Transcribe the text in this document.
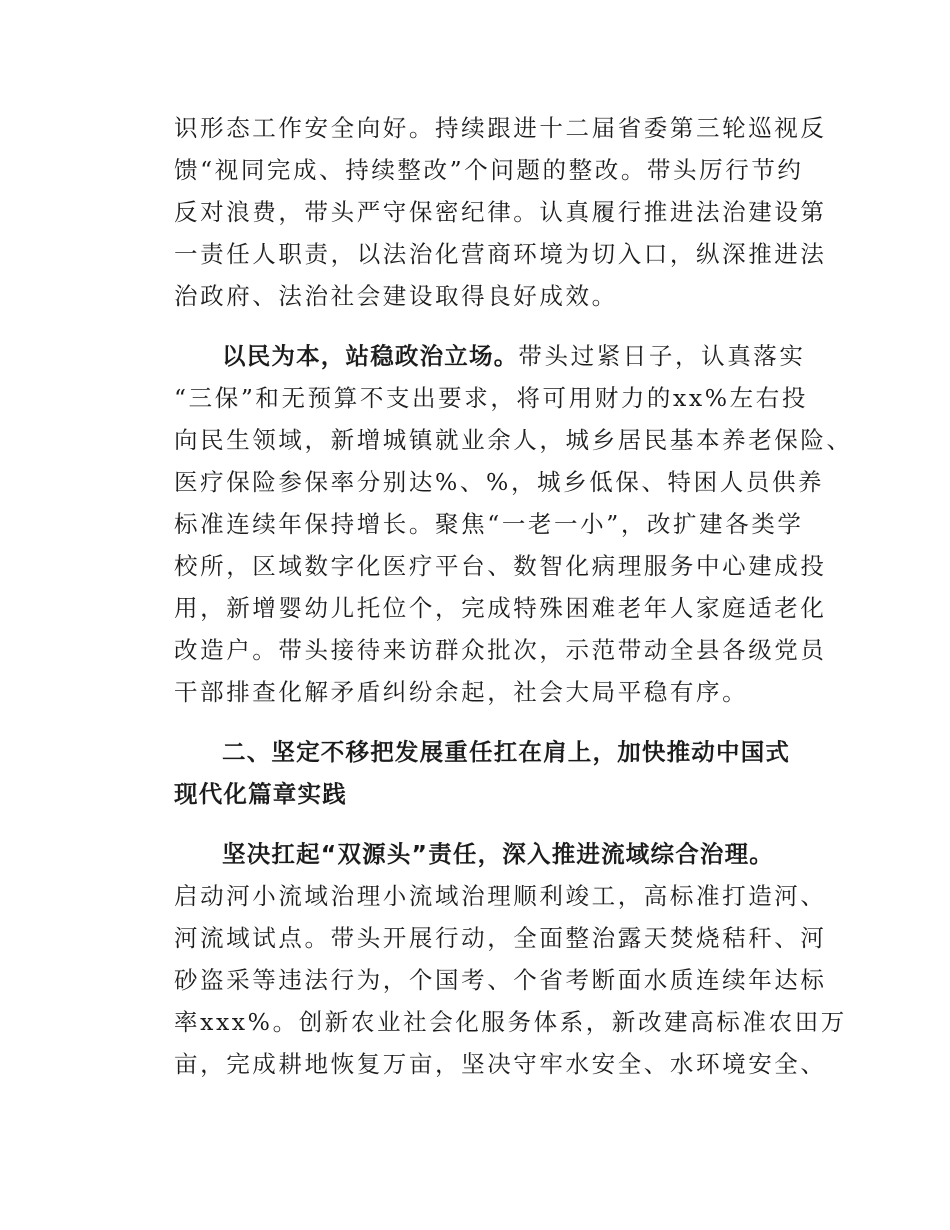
识形态工作安全向好。持续跟进十二届省委第三轮巡视反
馈“视同完成、持续整改”个问题的整改。带头厉行节约
反对浪费，带头严守保密纪律。认真履行推进法治建设第
一责任人职责，以法治化营商环境为切入口，纵深推进法
治政府、法治社会建设取得良好成效。
以民为本，站稳政治立场。带头过紧日子，认真落实
“三保”和无预算不支出要求，将可用财力的xx%左右投
向民生领域，新增城镇就业余人，城乡居民基本养老保险、
医疗保险参保率分别达%、%，城乡低保、特困人员供养
标准连续年保持增长。聚焦“一老一小”，改扩建各类学
校所，区域数字化医疗平台、数智化病理服务中心建成投
用，新增婴幼儿托位个，完成特殊困难老年人家庭适老化
改造户。带头接待来访群众批次，示范带动全县各级党员
干部排查化解矛盾纠纷余起，社会大局平稳有序。
二、坚定不移把发展重任扛在肩上，加快推动中国式
现代化篇章实践
坚决扛起“双源头”责任，深入推进流域综合治理。
启动河小流域治理小流域治理顺利竣工，高标准打造河、
河流域试点。带头开展行动，全面整治露天焚烧秸秆、河
砂盗采等违法行为，个国考、个省考断面水质连续年达标
率xxx%。创新农业社会化服务体系，新改建高标准农田万
亩，完成耕地恢复万亩，坚决守牢水安全、水环境安全、
